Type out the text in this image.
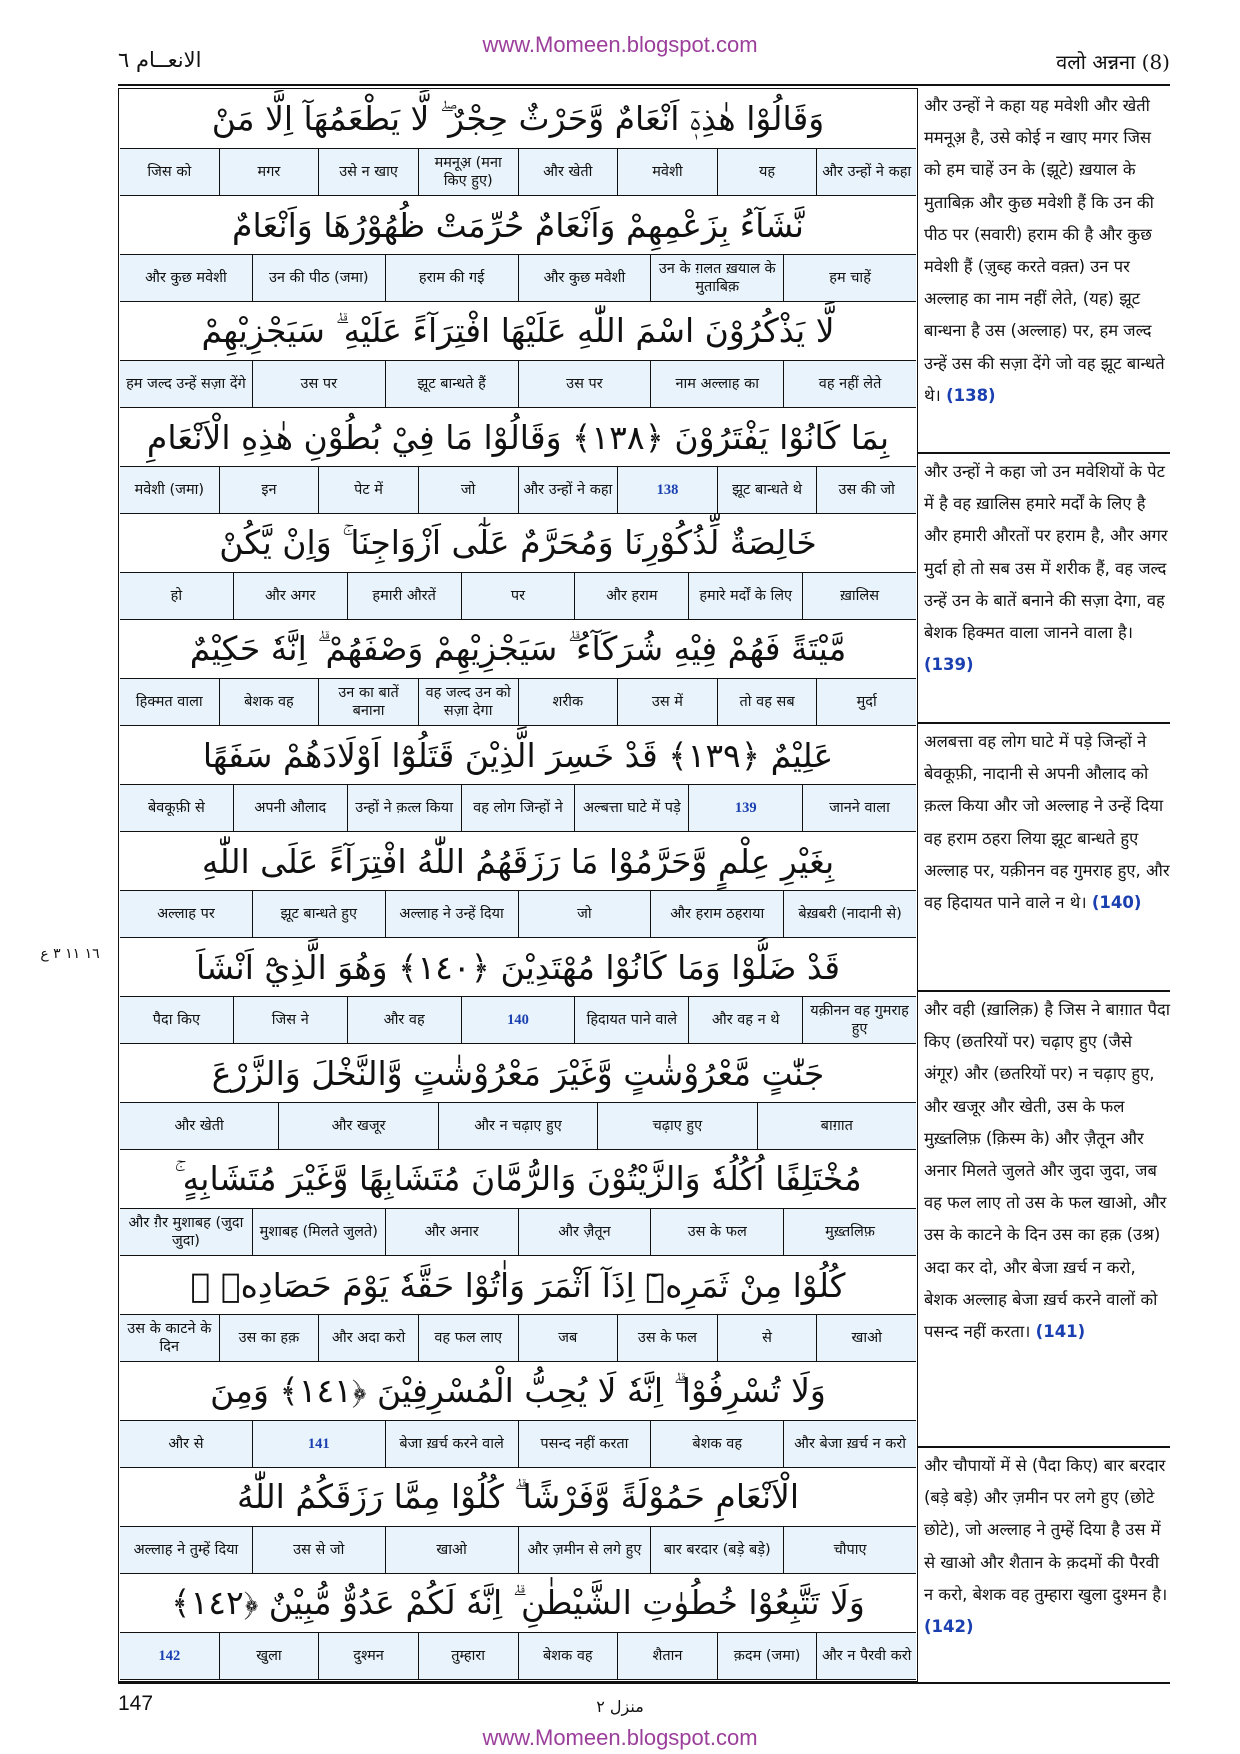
www.Momeen.blogspot.com
الانعــام ٦	वलो अन्नना (8)
وَقَالُوْا هٰذِهٖٓ اَنْعَامٌ وَّحَرْثٌ حِجْرٌ ۖ لَّا يَطْعَمُهَآ اِلَّا مَنْ
और उन्हों ने कहा
यह
मवेशी
और खेती
ममनूअ़ (मना किए हुए)
उसे न खाए
मगर
जिस को
نَّشَآءُ بِزَعْمِهِمْ وَاَنْعَامٌ حُرِّمَتْ ظُهُوْرُهَا وَاَنْعَامٌ
हम चाहें
उन के ग़लत ख़याल के मुताबिक़
और कुछ मवेशी
हराम की गई
उन की पीठ (जमा)
और कुछ मवेशी
لَّا يَذْكُرُوْنَ اسْمَ اللّٰهِ عَلَيْهَا افْتِرَآءً عَلَيْهِ ۗ سَيَجْزِيْهِمْ
वह नहीं लेते
नाम अल्लाह का
उस पर
झूट बान्धते हैं
उस पर
हम जल्द उन्हें सज़ा देंगे
بِمَا كَانُوْا يَفْتَرُوْنَ ﴿١٣٨﴾ وَقَالُوْا مَا فِيْ بُطُوْنِ هٰذِهِ الْاَنْعَامِ
उस की जो
झूट बान्धते थे
138
और उन्हों ने कहा
जो
पेट में
इन
मवेशी (जमा)
خَالِصَةٌ لِّذُكُوْرِنَا وَمُحَرَّمٌ عَلٰٓى اَزْوَاجِنَا ۚ وَاِنْ يَّكُنْ
ख़ालिस
हमारे मर्दों के लिए
और हराम
पर
हमारी औरतें
और अगर
हो
مَّيْتَةً فَهُمْ فِيْهِ شُرَكَآءُ ۗ سَيَجْزِيْهِمْ وَصْفَهُمْ ۗ اِنَّهٗ حَكِيْمٌ
मुर्दा
तो वह सब
उस में
शरीक
वह जल्द उन को सज़ा देगा
उन का बातें बनाना
बेशक वह
हिक्मत वाला
عَلِيْمٌ ﴿١٣٩﴾ قَدْ خَسِرَ الَّذِيْنَ قَتَلُوْٓا اَوْلَادَهُمْ سَفَهًا
जानने वाला
139
अल्बत्ता घाटे में पड़े
वह लोग जिन्हों ने
उन्हों ने क़त्ल किया
अपनी औलाद
बेवकूफ़ी से
بِغَيْرِ عِلْمٍ وَّحَرَّمُوْا مَا رَزَقَهُمُ اللّٰهُ افْتِرَآءً عَلَى اللّٰهِ
बेख़बरी (नादानी से)
और हराम ठहराया
जो
अल्लाह ने उन्हें दिया
झूट बान्धते हुए
अल्लाह पर
قَدْ ضَلُّوْا وَمَا كَانُوْا مُهْتَدِيْنَ ﴿١٤٠﴾ وَهُوَ الَّذِيْٓ اَنْشَاَ
यक़ीनन वह गुमराह हुए
और वह न थे
हिदायत पाने वाले
140
और वह
जिस ने
पैदा किए
جَنّٰتٍ مَّعْرُوْشٰتٍ وَّغَيْرَ مَعْرُوْشٰتٍ وَّالنَّخْلَ وَالزَّرْعَ
बाग़ात
चढ़ाए हुए
और न चढ़ाए हुए
और खजूर
और खेती
مُخْتَلِفًا اُكُلُهٗ وَالزَّيْتُوْنَ وَالرُّمَّانَ مُتَشَابِهًا وَّغَيْرَ مُتَشَابِهٍ ۚ
मुख़्तलिफ़
उस के फल
और ज़ैतून
और अनार
मुशाबह (मिलते जुलते)
और ग़ैर मुशाबह (जुदा जुदा)
كُلُوْا مِنْ ثَمَرِهٖٓ اِذَآ اَثْمَرَ وَاٰتُوْا حَقَّهٗ يَوْمَ حَصَادِهٖ ۖ
खाओ
से
उस के फल
जब
वह फल लाए
और अदा करो
उस का हक़
उस के काटने के दिन
وَلَا تُسْرِفُوْا ۗ اِنَّهٗ لَا يُحِبُّ الْمُسْرِفِيْنَ ﴿١٤١﴾ وَمِنَ
और बेजा ख़र्च न करो
बेशक वह
पसन्द नहीं करता
बेजा ख़र्च करने वाले
141
और से
الْاَنْعَامِ حَمُوْلَةً وَّفَرْشًا ۗ كُلُوْا مِمَّا رَزَقَكُمُ اللّٰهُ
चौपाए
बार बरदार (बड़े बड़े)
और ज़मीन से लगे हुए
खाओ
उस से जो
अल्लाह ने तुम्हें दिया
وَلَا تَتَّبِعُوْا خُطُوٰتِ الشَّيْطٰنِ ۗ اِنَّهٗ لَكُمْ عَدُوٌّ مُّبِيْنٌ ﴿١٤٢﴾
और न पैरवी करो
क़दम (जमा)
शैतान
बेशक वह
तुम्हारा
दुश्मन
खुला
142
और उन्हों ने कहा यह मवेशी और खेती ममनूअ़ है, उसे कोई न खाए मगर जिस को हम चाहें उन के (झूटे) ख़याल के मुताबिक़ और कुछ मवेशी हैं कि उन की पीठ पर (सवारी) हराम की है और कुछ मवेशी हैं (ज़ुब्ह करते वक़्त) उन पर अल्लाह का नाम नहीं लेते, (यह) झूट बान्धना है उस (अल्लाह) पर, हम जल्द उन्हें उस की सज़ा देंगे जो वह झूट बान्धते थे। (138)
और उन्हों ने कहा जो उन मवेशियों के पेट में है वह ख़ालिस हमारे मर्दों के लिए है और हमारी औरतों पर हराम है, और अगर मुर्दा हो तो सब उस में शरीक हैं, वह जल्द उन्हें उन के बातें बनाने की सज़ा देगा, वह बेशक हिक्मत वाला जानने वाला है। (139)
अलबत्ता वह लोग घाटे में पड़े जिन्हों ने बेवकूफ़ी, नादानी से अपनी औलाद को क़त्ल किया और जो अल्लाह ने उन्हें दिया वह हराम ठहरा लिया झूट बान्धते हुए अल्लाह पर, यक़ीनन वह गुमराह हुए, और वह हिदायत पाने वाले न थे। (140)
और वही (ख़ालिक़) है जिस ने बाग़ात पैदा किए (छतरियों पर) चढ़ाए हुए (जैसे अंगूर) और (छतरियों पर) न चढ़ाए हुए, और खजूर और खेती, उस के फल मुख़्तलिफ़ (क़िस्म के) और ज़ैतून और अनार मिलते जुलते और जुदा जुदा, जब वह फल लाए तो उस के फल खाओ, और उस के काटने के दिन उस का हक़ (उश्र) अदा कर दो, और बेजा ख़र्च न करो, बेशक अल्लाह बेजा ख़र्च करने वालों को पसन्द नहीं करता। (141)
और चौपायों में से (पैदा किए) बार बरदार (बड़े बड़े) और ज़मीन पर लगे हुए (छोटे छोटे), जो अल्लाह ने तुम्हें दिया है उस में से खाओ और शैतान के क़दमों की पैरवी न करो, बेशक वह तुम्हारा खुला दुश्मन है। (142)
١٦ ١١ ٣ ع
147	منزل ٢
www.Momeen.blogspot.com
